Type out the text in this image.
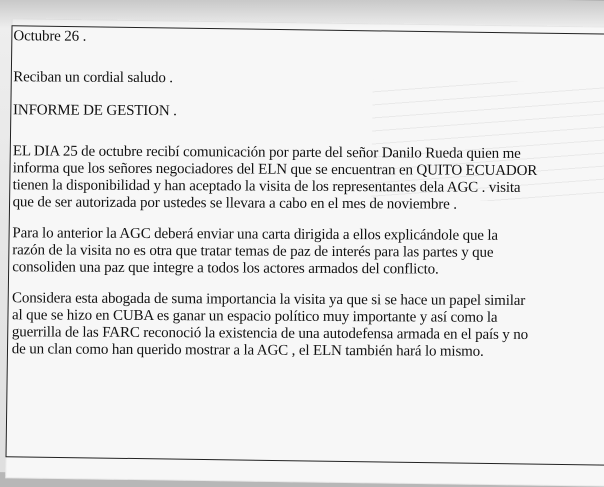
Octubre 26 .
Reciban un cordial saludo .
INFORME DE GESTION .
EL DIA 25 de octubre recibí comunicación por parte del señor Danilo Rueda quien me
informa que los señores negociadores del ELN que se encuentran en QUITO ECUADOR
tienen la disponibilidad y han aceptado la visita de los representantes dela AGC . visita
que de ser autorizada por ustedes se llevara a cabo en el mes de noviembre .
Para lo anterior la AGC deberá enviar una carta dirigida a ellos explicándole que la
razón de la visita no es otra que tratar temas de paz de interés para las partes y que
consoliden una paz que integre a todos los actores armados del conflicto.
Considera esta abogada de suma importancia la visita ya que si se hace un papel similar
al que se hizo en CUBA es ganar un espacio político muy importante y así como la
guerrilla de las FARC reconoció la existencia de una autodefensa armada en el país y no
de un clan como han querido mostrar a la AGC , el ELN también hará lo mismo.
